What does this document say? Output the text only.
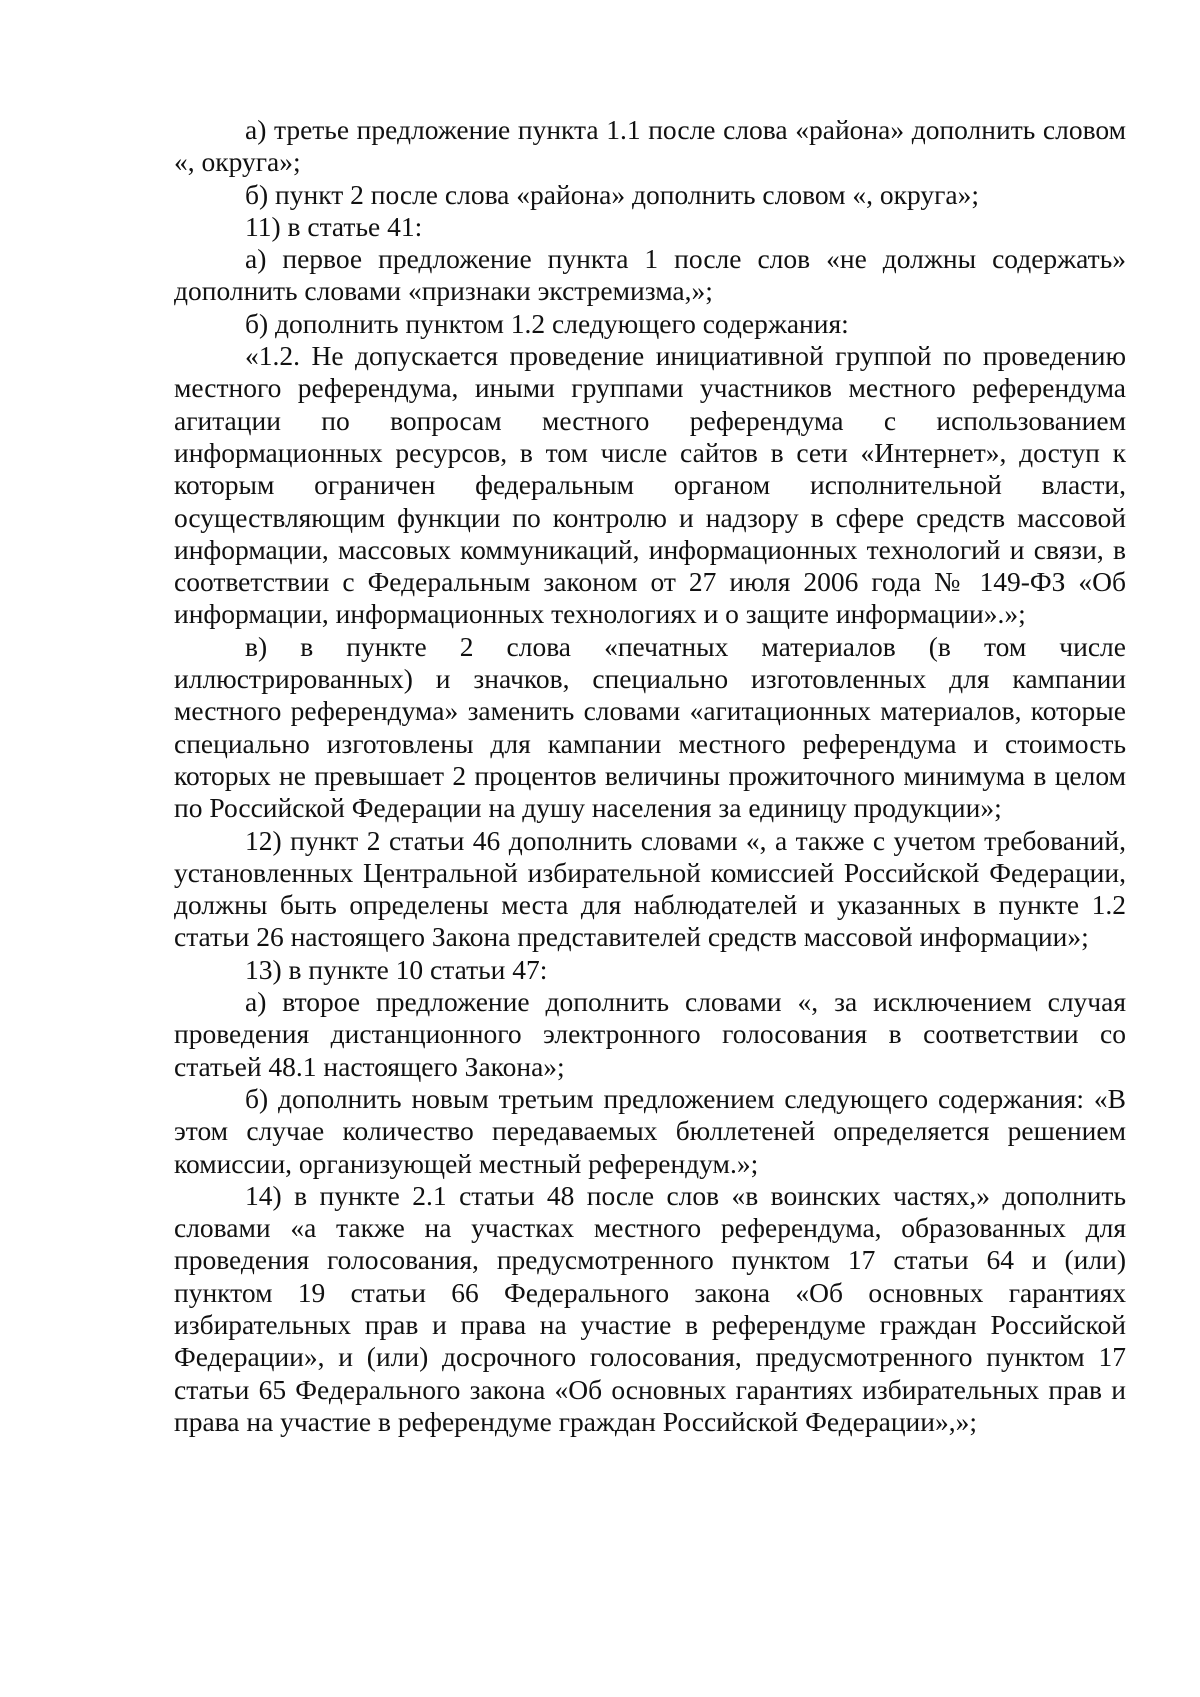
а) третье предложение пункта 1.1 после слова «района» дополнить словом «, округа»;

б) пункт 2 после слова «района» дополнить словом «, округа»;

11) в статье 41:

а) первое предложение пункта 1 после слов «не должны содержать» дополнить словами «признаки экстремизма,»;

б) дополнить пунктом 1.2 следующего содержания:

«1.2. Не допускается проведение инициативной группой по проведению местного референдума, иными группами участников местного референдума агитации по вопросам местного референдума с использованием информационных ресурсов, в том числе сайтов в сети «Интернет», доступ к которым ограничен федеральным органом исполнительной власти, осуществляющим функции по контролю и надзору в сфере средств массовой информации, массовых коммуникаций, информационных технологий и связи, в соответствии с Федеральным законом от 27 июля 2006 года № 149-ФЗ «Об информации, информационных технологиях и о защите информации».»;

в) в пункте 2 слова «печатных материалов (в том числе иллюстрированных) и значков, специально изготовленных для кампании местного референдума» заменить словами «агитационных материалов, которые специально изготовлены для кампании местного референдума и стоимость которых не превышает 2 процентов величины прожиточного минимума в целом по Российской Федерации на душу населения за единицу продукции»;

12) пункт 2 статьи 46 дополнить словами «, а также с учетом требований, установленных Центральной избирательной комиссией Российской Федерации, должны быть определены места для наблюдателей и указанных в пункте 1.2 статьи 26 настоящего Закона представителей средств массовой информации»;

13) в пункте 10 статьи 47:

а) второе предложение дополнить словами «, за исключением случая проведения дистанционного электронного голосования в соответствии со статьей 48.1 настоящего Закона»;

б) дополнить новым третьим предложением следующего содержания: «В этом случае количество передаваемых бюллетеней определяется решением комиссии, организующей местный референдум.»;

14) в пункте 2.1 статьи 48 после слов «в воинских частях,» дополнить словами «а также на участках местного референдума, образованных для проведения голосования, предусмотренного пунктом 17 статьи 64 и (или) пунктом 19 статьи 66 Федерального закона «Об основных гарантиях избирательных прав и права на участие в референдуме граждан Российской Федерации», и (или) досрочного голосования, предусмотренного пунктом 17 статьи 65 Федерального закона «Об основных гарантиях избирательных прав и права на участие в референдуме граждан Российской Федерации»,»;
